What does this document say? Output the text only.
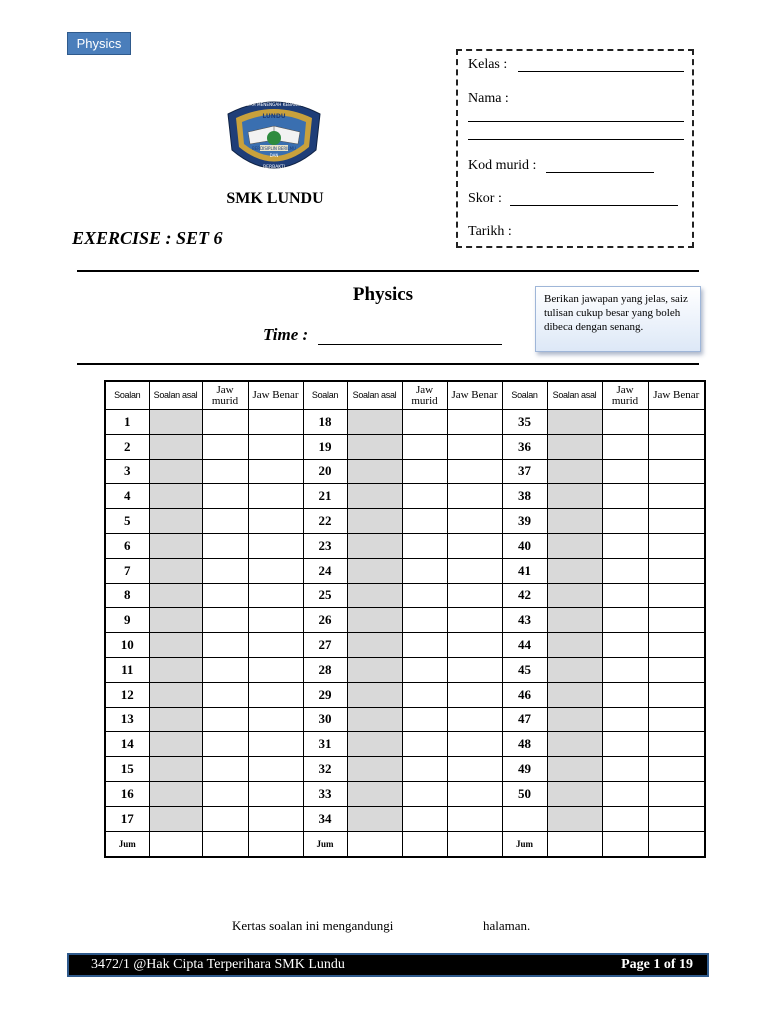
Physics
Kelas :
Nama :
Kod murid :
Skor :
Tarikh :
SEKOLAH MENENGAH KEBANGSAAN
LUNDU
BERDISIPLIN BERILMU
DAN
BERBAKTI
SMK LUNDU
EXERCISE : SET 6
Physics
Time :
Berikan jawapan yang jelas, saiz tulisan cukup besar yang boleh dibeca dengan senang.
Soalan	Soalan asal	Jaw murid	Jaw Benar	Soalan	Soalan asal	Jaw murid	Jaw Benar	Soalan	Soalan asal	Jaw murid	Jaw Benar
1				18				35			
2				19				36			
3				20				37			
4				21				38			
5				22				39			
6				23				40			
7				24				41			
8				25				42			
9				26				43			
10				27				44			
11				28				45			
12				29				46			
13				30				47			
14				31				48			
15				32				49			
16				33				50			
17				34							
Jum				Jum				Jum			
Kertas soalan ini mengandungi	halaman.
3472/1 @Hak Cipta Terperihara SMK Lundu	Page 1 of 19
